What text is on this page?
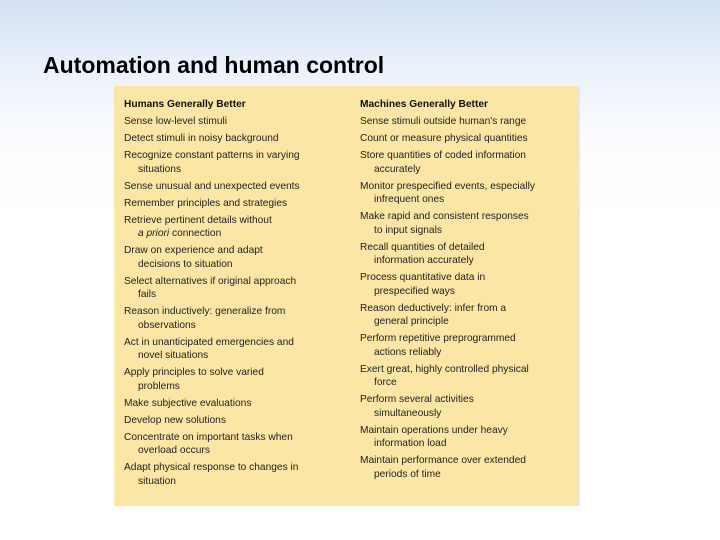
Automation and human control
Humans Generally Better
Sense low-level stimuli
Detect stimuli in noisy background
Recognize constant patterns in varying
situations
Sense unusual and unexpected events
Remember principles and strategies
Retrieve pertinent details without
a priori connection
Draw on experience and adapt
decisions to situation
Select alternatives if original approach
fails
Reason inductively: generalize from
observations
Act in unanticipated emergencies and
novel situations
Apply principles to solve varied
problems
Make subjective evaluations
Develop new solutions
Concentrate on important tasks when
overload occurs
Adapt physical response to changes in
situation
Machines Generally Better
Sense stimuli outside human's range
Count or measure physical quantities
Store quantities of coded information
accurately
Monitor prespecified events, especially
infrequent ones
Make rapid and consistent responses
to input signals
Recall quantities of detailed
information accurately
Process quantitative data in
prespecified ways
Reason deductively: infer from a
general principle
Perform repetitive preprogrammed
actions reliably
Exert great, highly controlled physical
force
Perform several activities
simultaneously
Maintain operations under heavy
information load
Maintain performance over extended
periods of time
